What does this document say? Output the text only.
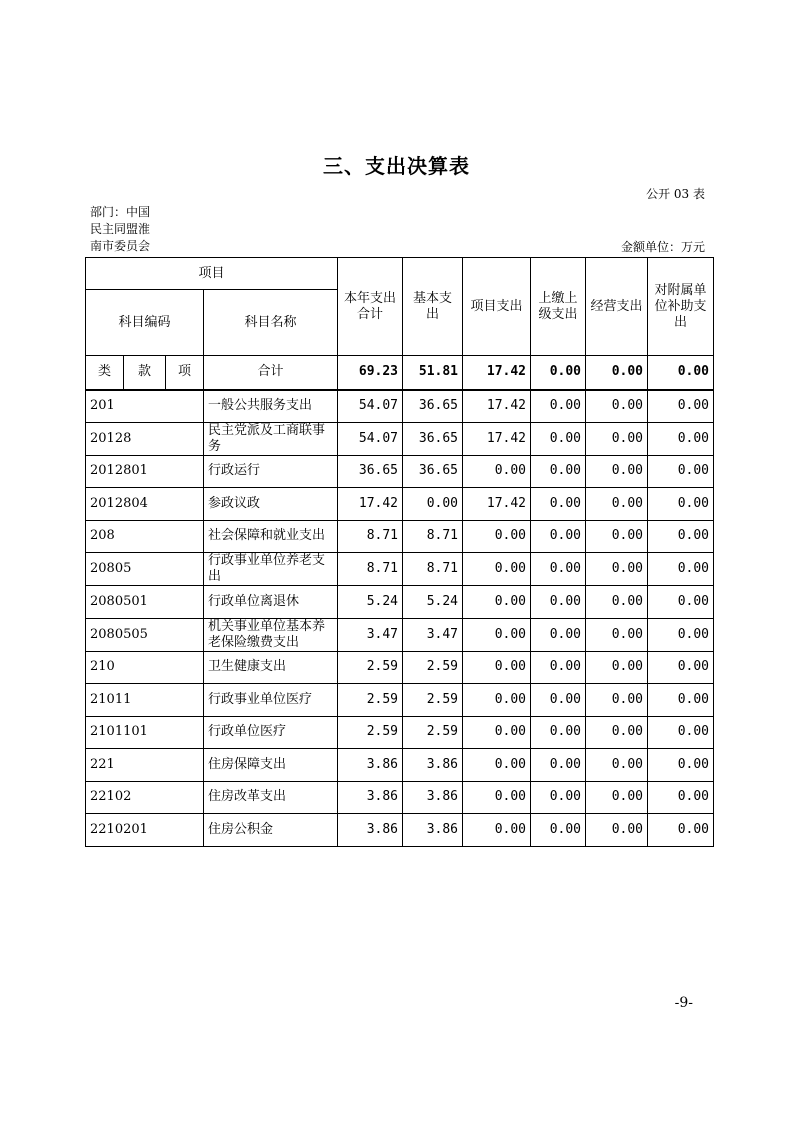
三、支出决算表
公开 03 表
部门：中国
民主同盟淮
南市委员会	金额单位：万元
项目				本年支出合计	基本支出	项目支出	上缴上级支出	经营支出	对附属单位补助支出
科目编码			科目名称						
类	款	项	合计	69.23	51.81	17.42	0.00	0.00	0.00
201			一般公共服务支出	54.07	36.65	17.42	0.00	0.00	0.00
20128			民主党派及工商联事务	54.07	36.65	17.42	0.00	0.00	0.00
2012801			行政运行	36.65	36.65	0.00	0.00	0.00	0.00
2012804			参政议政	17.42	0.00	17.42	0.00	0.00	0.00
208			社会保障和就业支出	8.71	8.71	0.00	0.00	0.00	0.00
20805			行政事业单位养老支出	8.71	8.71	0.00	0.00	0.00	0.00
2080501			行政单位离退休	5.24	5.24	0.00	0.00	0.00	0.00
2080505			机关事业单位基本养老保险缴费支出	3.47	3.47	0.00	0.00	0.00	0.00
210			卫生健康支出	2.59	2.59	0.00	0.00	0.00	0.00
21011			行政事业单位医疗	2.59	2.59	0.00	0.00	0.00	0.00
2101101			行政单位医疗	2.59	2.59	0.00	0.00	0.00	0.00
221			住房保障支出	3.86	3.86	0.00	0.00	0.00	0.00
22102			住房改革支出	3.86	3.86	0.00	0.00	0.00	0.00
2210201			住房公积金	3.86	3.86	0.00	0.00	0.00	0.00
-9-
